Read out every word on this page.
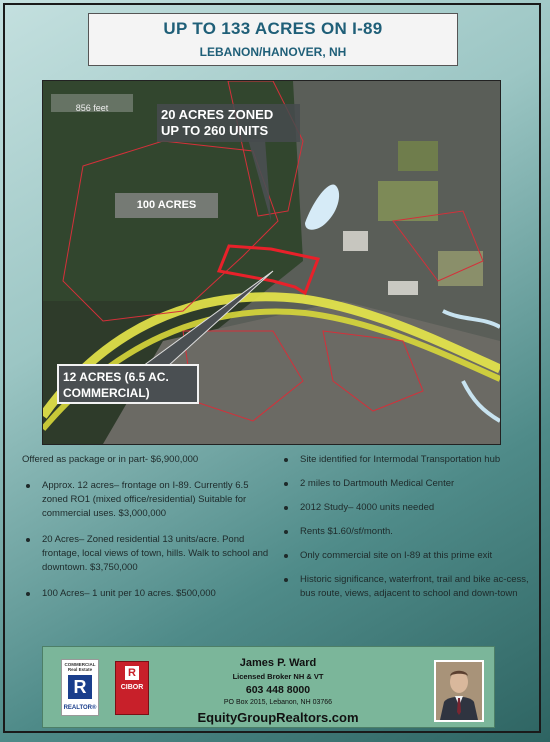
UP TO 133 ACRES ON I-89
LEBANON/HANOVER, NH
856 feet	20 ACRES ZONED
UP TO 260 UNITS
100 ACRES
12 ACRES (6.5 AC.
COMMERCIAL)

Offered as package or in part- $6,900,000

Approx. 12 acres– frontage on I-89. Currently 6.5 zoned RO1 (mixed office/residential) Suitable for commercial uses. $3,000,000
20 Acres– Zoned residential 13 units/acre. Pond frontage, local views of town, hills. Walk to school and downtown. $3,750,000
100 Acres– 1 unit per 10 acres. $500,000
Site identified for Intermodal Transportation hub
2 miles to Dartmouth Medical Center
2012 Study– 4000 units needed
Rents $1.60/sf/month.
Only commercial site on I-89 at this prime exit
Historic significance, waterfront, trail and bike ac-cess, bus route, views, adjacent to school and down-town
COMMERCIAL Real Estate
R
REALTOR®
R
CIBOR
James P. Ward
Licensed Broker NH & VT
603 448 8000
PO Box 2015, Lebanon, NH 03766
EquityGroupRealtors.com
